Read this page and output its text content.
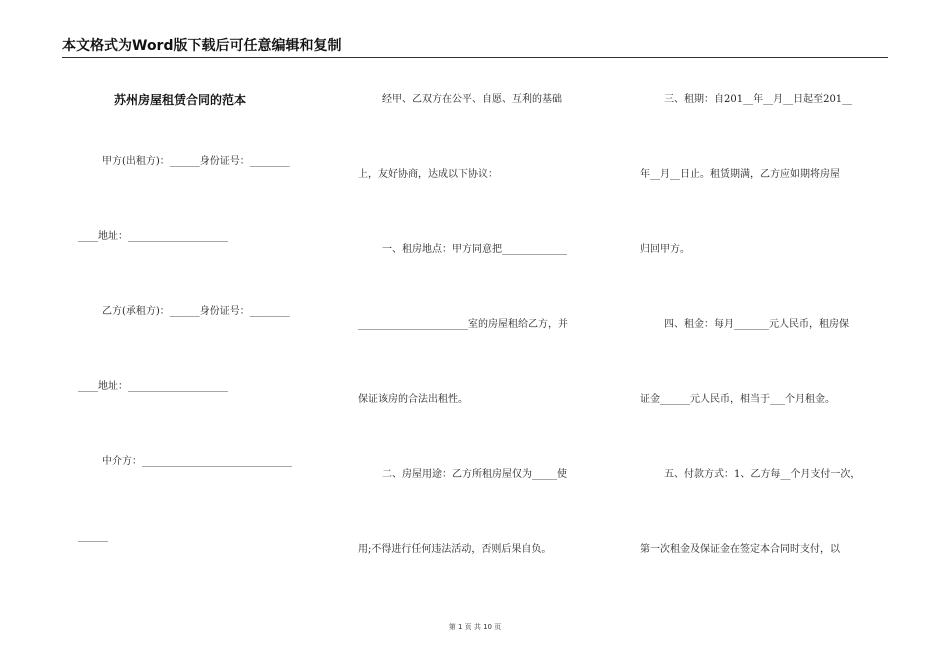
本文格式为Word版下载后可任意编辑和复制
苏州房屋租赁合同的范本
甲方(出租方)：______身份证号：________
____地址：____________________
乙方(承租方)：______身份证号：________
____地址：____________________
中介方：______________________________
______
经甲、乙双方在公平、自愿、互利的基础
上，友好协商，达成以下协议：
一、租房地点：甲方同意把_____________
______________________室的房屋租给乙方，并
保证该房的合法出租性。
二、房屋用途：乙方所租房屋仅为_____使
用;不得进行任何违法活动，否则后果自负。
三、租期：自201__年__月__日起至201__
年__月__日止。租赁期满，乙方应如期将房屋
归回甲方。
四、租金：每月_______元人民币，租房保
证金______元人民币，相当于___个月租金。
五、付款方式：1、乙方每__个月支付一次，
第一次租金及保证金在签定本合同时支付，以
第 1 页 共 10 页
